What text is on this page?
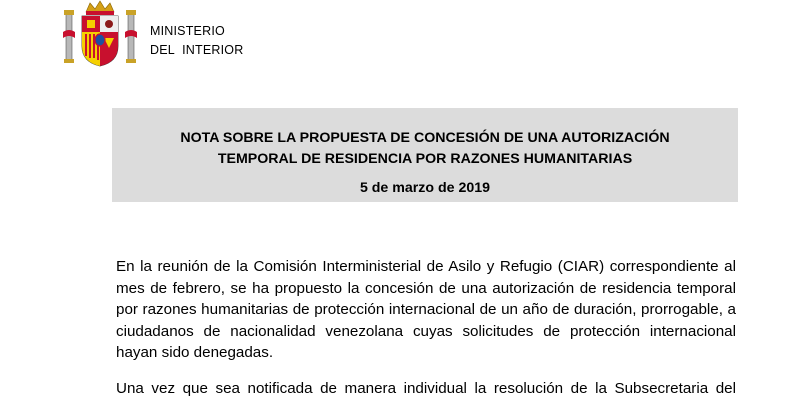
MINISTERIO
DEL INTERIOR
NOTA SOBRE LA PROPUESTA DE CONCESIÓN DE UNA AUTORIZACIÓN
TEMPORAL DE RESIDENCIA POR RAZONES HUMANITARIAS
5 de marzo de 2019
En la reunión de la Comisión Interministerial de Asilo y Refugio (CIAR) correspondiente al
mes de febrero, se ha propuesto la concesión de una autorización de residencia temporal
por razones humanitarias de protección internacional de un año de duración, prorrogable, a
ciudadanos de nacionalidad venezolana cuyas solicitudes de protección internacional
hayan sido denegadas.
Una vez que sea notificada de manera individual la resolución de la Subsecretaria del
